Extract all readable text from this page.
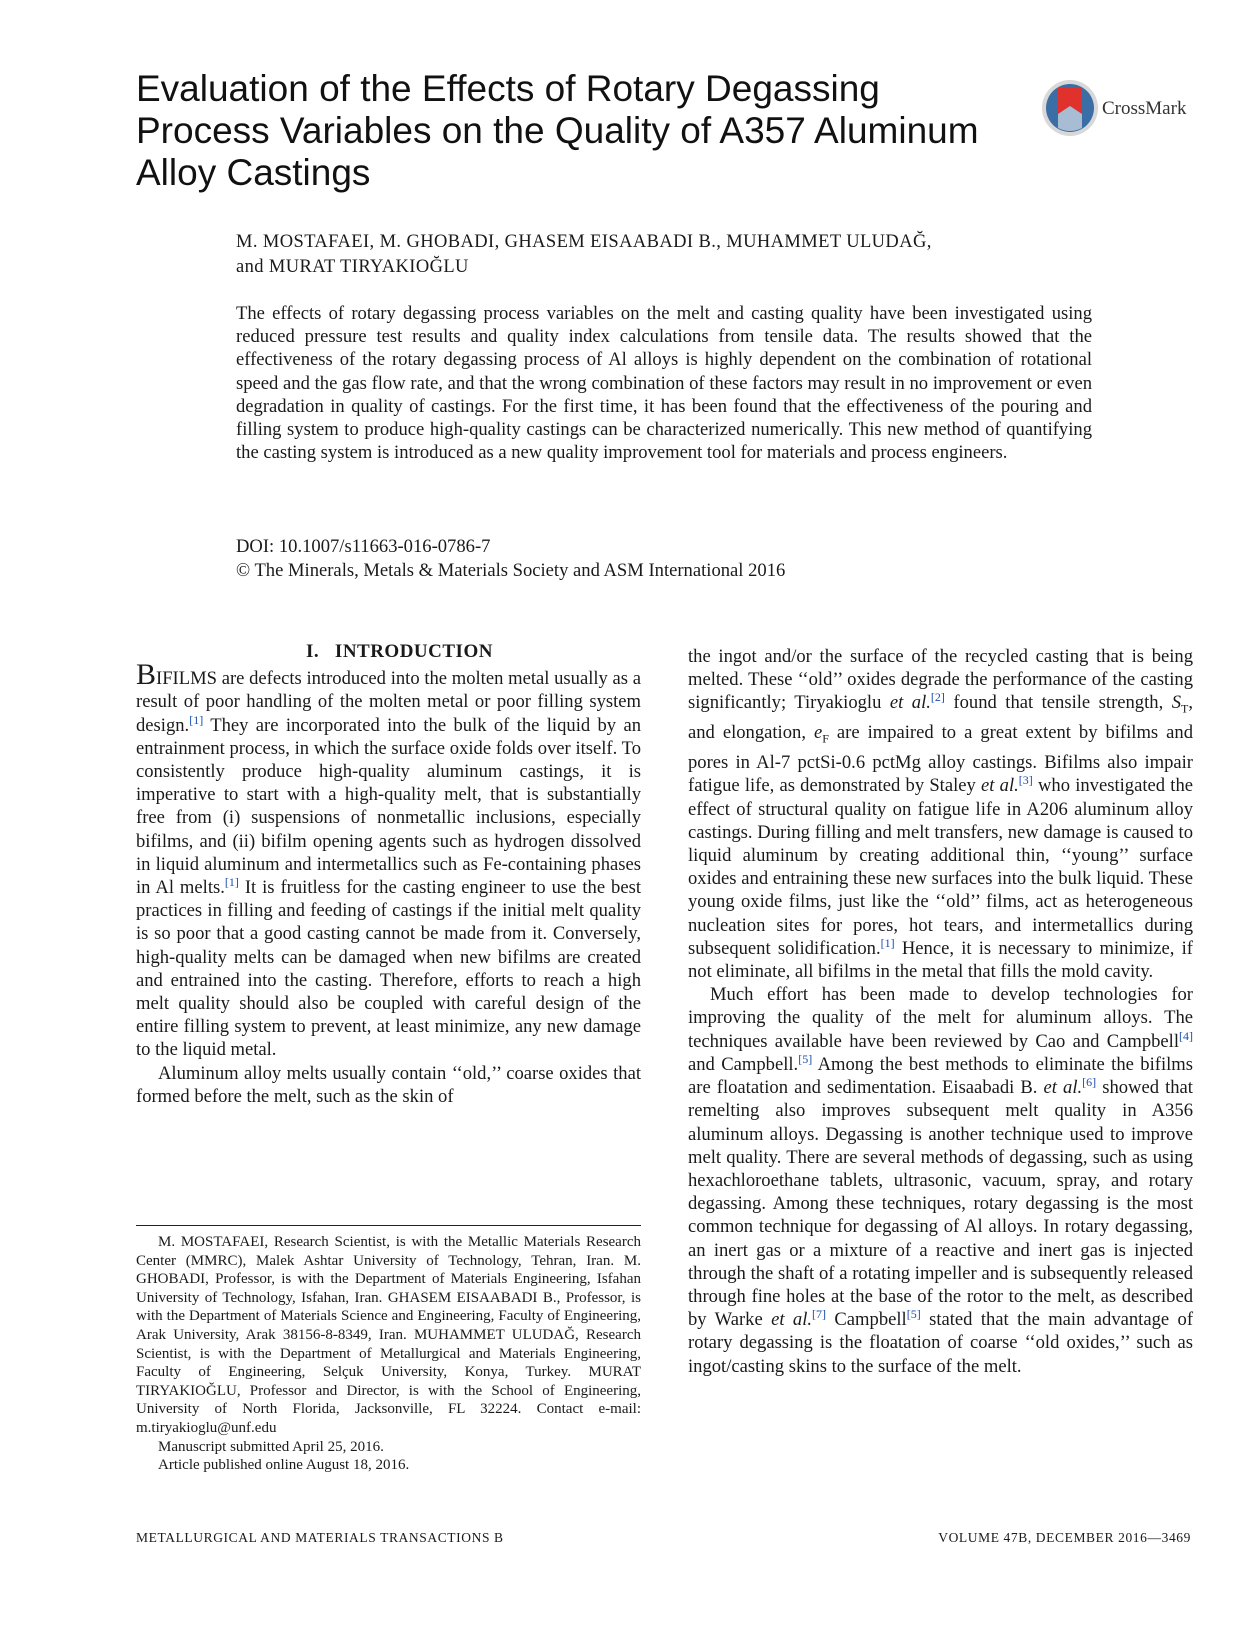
Evaluation of the Effects of Rotary Degassing
Process Variables on the Quality of A357 Aluminum
Alloy Castings
CrossMark
M. MOSTAFAEI, M. GHOBADI, GHASEM EISAABADI B., MUHAMMET ULUDAĞ,
and MURAT TIRYAKIOĞLU
The effects of rotary degassing process variables on the melt and casting quality have been investigated using reduced pressure test results and quality index calculations from tensile data. The results showed that the effectiveness of the rotary degassing process of Al alloys is highly dependent on the combination of rotational speed and the gas flow rate, and that the wrong combination of these factors may result in no improvement or even degradation in quality of castings. For the first time, it has been found that the effectiveness of the pouring and filling system to produce high-quality castings can be characterized numerically. This new method of quantifying the casting system is introduced as a new quality improvement tool for materials and process engineers.
DOI: 10.1007/s11663-016-0786-7
© The Minerals, Metals & Materials Society and ASM International 2016

I.   INTRODUCTION

BIFILMS are defects introduced into the molten metal usually as a result of poor handling of the molten metal or poor filling system design.[1] They are incorporated into the bulk of the liquid by an entrainment process, in which the surface oxide folds over itself. To consistently produce high-quality aluminum castings, it is imperative to start with a high-quality melt, that is substantially free from (i) suspensions of nonmetallic inclusions, especially bifilms, and (ii) bifilm opening agents such as hydrogen dissolved in liquid aluminum and intermetallics such as Fe-containing phases in Al melts.[1] It is fruitless for the casting engineer to use the best practices in filling and feeding of castings if the initial melt quality is so poor that a good casting cannot be made from it. Conversely, high-quality melts can be damaged when new bifilms are created and entrained into the casting. Therefore, efforts to reach a high melt quality should also be coupled with careful design of the entire filling system to prevent, at least minimize, any new damage to the liquid metal.

Aluminum alloy melts usually contain ‘‘old,’’ coarse oxides that formed before the melt, such as the skin of

M. MOSTAFAEI, Research Scientist, is with the Metallic Materials Research Center (MMRC), Malek Ashtar University of Technology, Tehran, Iran. M. GHOBADI, Professor, is with the Department of Materials Engineering, Isfahan University of Technology, Isfahan, Iran. GHASEM EISAABADI B., Professor, is with the Department of Materials Science and Engineering, Faculty of Engineering, Arak University, Arak 38156-8-8349, Iran. MUHAMMET ULUDAĞ, Research Scientist, is with the Department of Metallurgical and Materials Engineering, Faculty of Engineering, Selçuk University, Konya, Turkey. MURAT TIRYAKIOĞLU, Professor and Director, is with the School of Engineering, University of North Florida, Jacksonville, FL 32224. Contact e-mail: m.tiryakioglu@unf.edu

Manuscript submitted April 25, 2016.

Article published online August 18, 2016.

the ingot and/or the surface of the recycled casting that is being melted. These ‘‘old’’ oxides degrade the performance of the casting significantly; Tiryakioglu et al.[2] found that tensile strength, $S_T$, and elongation, $e_F$ are impaired to a great extent by bifilms and pores in Al-7 pctSi-0.6 pctMg alloy castings. Bifilms also impair fatigue life, as demonstrated by Staley et al.[3] who investigated the effect of structural quality on fatigue life in A206 aluminum alloy castings. During filling and melt transfers, new damage is caused to liquid aluminum by creating additional thin, ‘‘young’’ surface oxides and entraining these new surfaces into the bulk liquid. These young oxide films, just like the ‘‘old’’ films, act as heterogeneous nucleation sites for pores, hot tears, and intermetallics during subsequent solidification.[1] Hence, it is necessary to minimize, if not eliminate, all bifilms in the metal that fills the mold cavity.

Much effort has been made to develop technologies for improving the quality of the melt for aluminum alloys. The techniques available have been reviewed by Cao and Campbell[4] and Campbell.[5] Among the best methods to eliminate the bifilms are floatation and sedimentation. Eisaabadi B. et al.[6] showed that remelting also improves subsequent melt quality in A356 aluminum alloys. Degassing is another technique used to improve melt quality. There are several methods of degassing, such as using hexachloroethane tablets, ultrasonic, vacuum, spray, and rotary degassing. Among these techniques, rotary degassing is the most common technique for degassing of Al alloys. In rotary degassing, an inert gas or a mixture of a reactive and inert gas is injected through the shaft of a rotating impeller and is subsequently released through fine holes at the base of the rotor to the melt, as described by Warke et al.[7] Campbell[5] stated that the main advantage of rotary degassing is the floatation of coarse ‘‘old oxides,’’ such as ingot/casting skins to the surface of the melt.

METALLURGICAL AND MATERIALS TRANSACTIONS B	VOLUME 47B, DECEMBER 2016—3469
